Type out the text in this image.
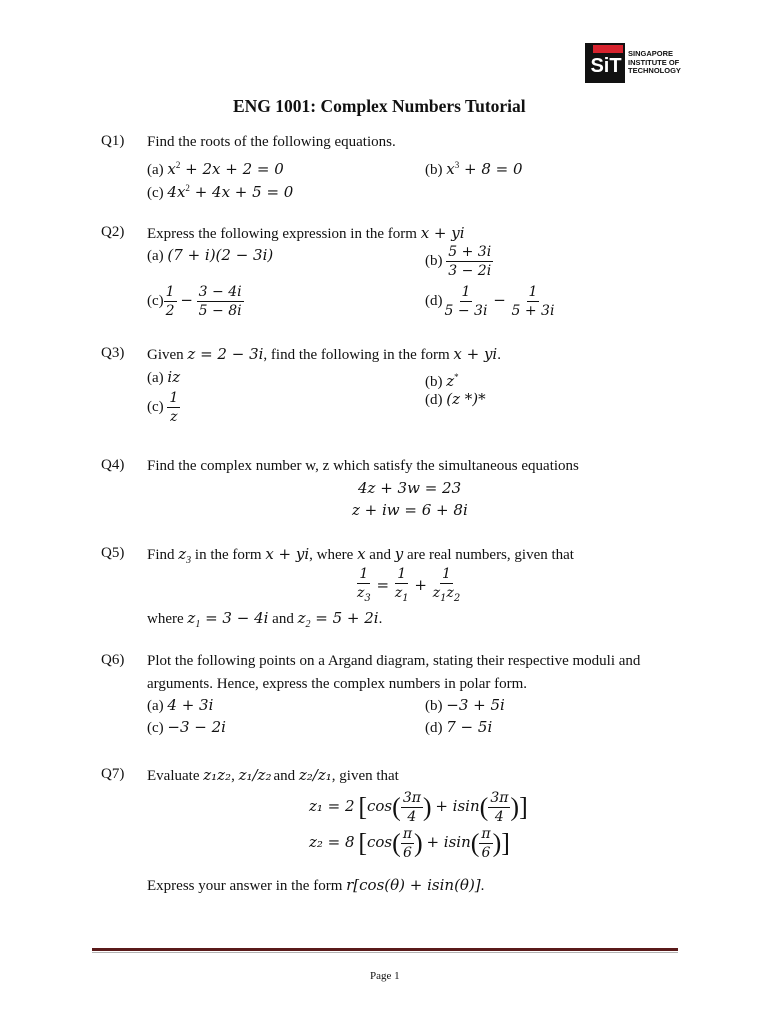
SiT
SINGAPORE
INSTITUTE OF
TECHNOLOGY
ENG 1001: Complex Numbers Tutorial
Q1) Find the roots of the following equations.
(a) $x^2 + 2x + 2 = 0$	(b) $x^3 + 8 = 0$
(c) $4x^2 + 4x + 5 = 0$
Q2) Express the following expression in the form x + yi
(a) (7 + i)(2 − 3i)	$(b) \frac{5 + 3i}{3 - 2i}$
$(c) \frac{1}{2} - \frac{3 - 4i}{5 - 8i}$	$(d) \frac{1}{5 - 3i} - \frac{1}{5 + 3i}$
Q3) Given z = 2 − 3i, find the following in the form x + yi.
(a) iz	(b) z*
$(c) \frac{1}{z}$	(d) (z *)*
Q4) Find the complex number w, z which satisfy the simultaneous equations
4z + 3w = 23
z + iw = 6 + 8i
Q5) Find $z_3$ in the form x + yi, where x and y are real numbers, given that
$\frac{1}{z_3} = \frac{1}{z_1} + \frac{1}{z_1z_2}$
where $z_1 = 3 - 4i$ and $z_2 = 5 + 2i$.
Q6) Plot the following points on a Argand diagram, stating their respective moduli and
arguments. Hence, express the complex numbers in polar form.
(a) 4 + 3i	(b) −3 + 5i
(c) −3 − 2i	(d) 7 − 5i
Q7) Evaluate z₁z₂, z₁/z₂ and z₂/z₁, given that
z₁ = 2 [$\cos( \frac{3\pi}{4}$ ) + $isin( \frac{3\pi}{4}$ )]
z₂ = 8 [$\cos( \frac{\pi}{6}$ ) + $isin( \frac{\pi}{6}$ )]
Express your answer in the form r[cos(θ) + isin(θ)].
Page 1
